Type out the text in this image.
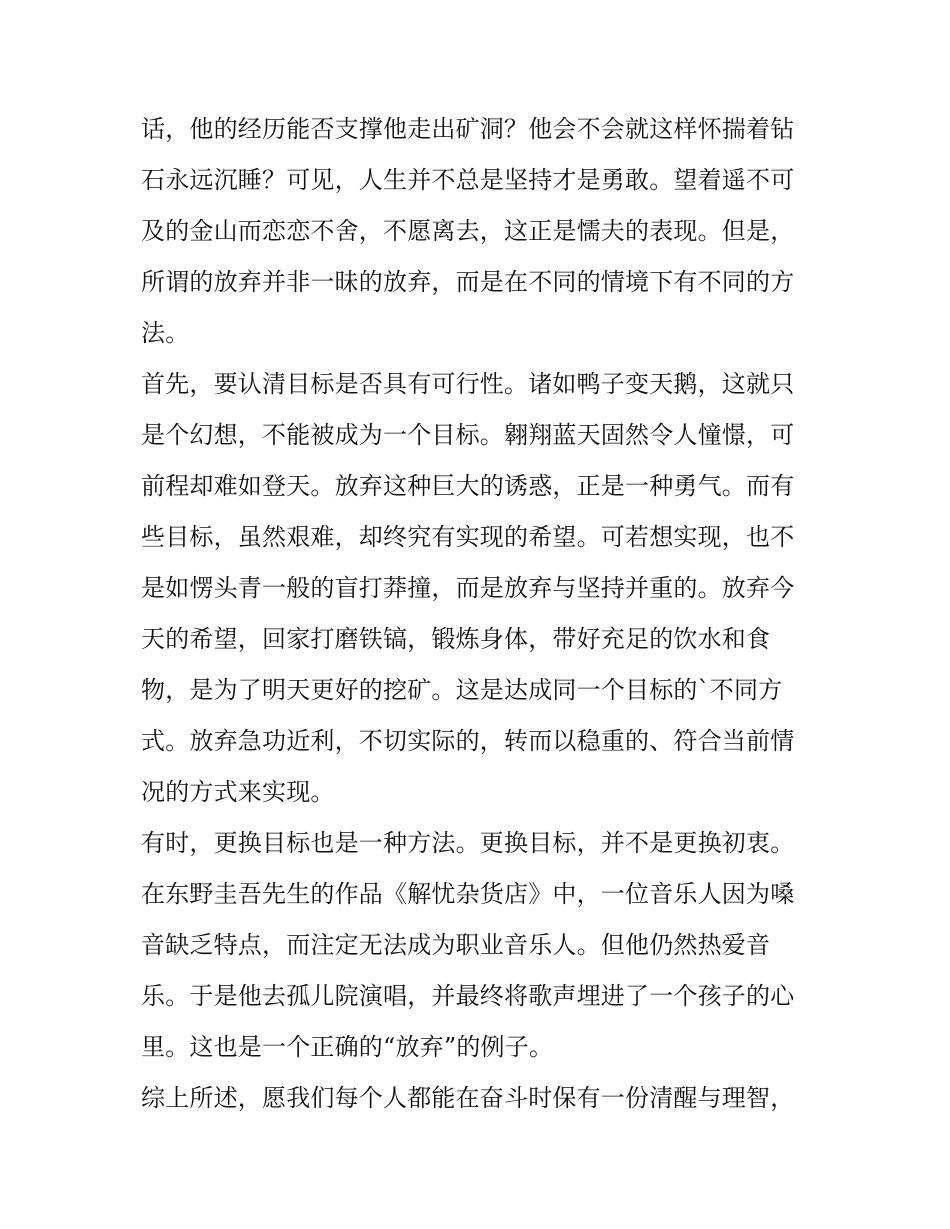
话，他的经历能否支撑他走出矿洞？他会不会就这样怀揣着钻
石永远沉睡？可见，人生并不总是坚持才是勇敢。望着遥不可
及的金山而恋恋不舍，不愿离去，这正是懦夫的表现。但是，
所谓的放弃并非一昧的放弃，而是在不同的情境下有不同的方
法。
首先，要认清目标是否具有可行性。诸如鸭子变天鹅，这就只
是个幻想，不能被成为一个目标。翱翔蓝天固然令人憧憬，可
前程却难如登天。放弃这种巨大的诱惑，正是一种勇气。而有
些目标，虽然艰难，却终究有实现的希望。可若想实现，也不
是如愣头青一般的盲打莽撞，而是放弃与坚持并重的。放弃今
天的希望，回家打磨铁镐，锻炼身体，带好充足的饮水和食
物，是为了明天更好的挖矿。这是达成同一个目标的`不同方
式。放弃急功近利，不切实际的，转而以稳重的、符合当前情
况的方式来实现。
有时，更换目标也是一种方法。更换目标，并不是更换初衷。
在东野圭吾先生的作品《解忧杂货店》中，一位音乐人因为嗓
音缺乏特点，而注定无法成为职业音乐人。但他仍然热爱音
乐。于是他去孤儿院演唱，并最终将歌声埋进了一个孩子的心
里。这也是一个正确的“放弃”的例子。
综上所述，愿我们每个人都能在奋斗时保有一份清醒与理智，
